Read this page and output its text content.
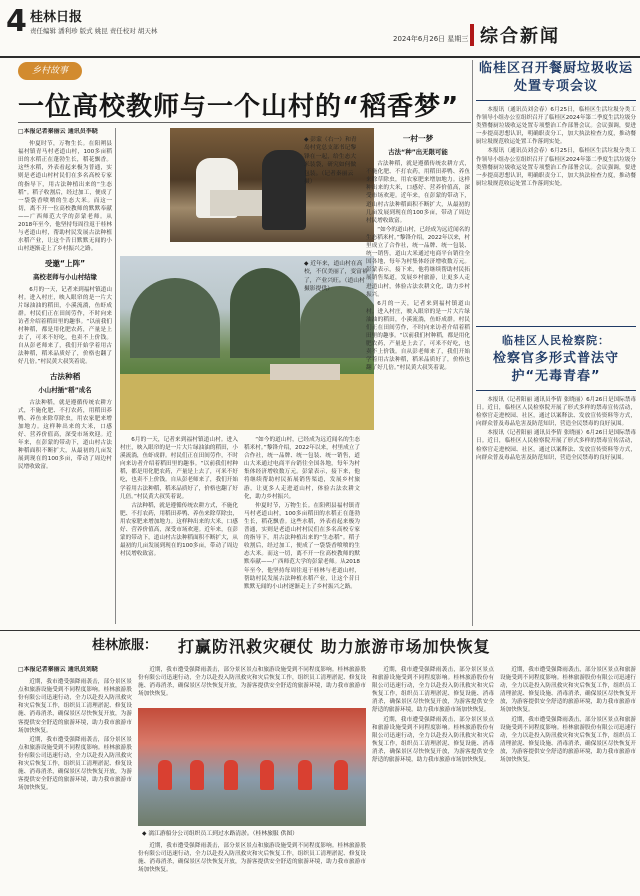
4 桂林日报
责任编辑 潘利珍 版式 姚昆 责任校对 胡天林
2024年6月26日 星期三 综合新闻
乡村故事
一位高校教师与一个山村的“稻香梦”
□本报记者秦丽云 通讯员李晓

仲夏时节，万物生长。在阳朔县福村镇青马村老道山村，100多亩稻田的水稻正在蓬勃生长，稻花飘香。这些水稻，外表看起来极为普通，实则是老道山村村民们在多名高校专家的指导下，用古法种植出来的“生态稻”。稻子收割后，经过加工，便成了一袋袋香喷喷的生态大米。而这一切，离不开一位高校教师的默默奉献——广西师范大学的彭蒙老师。从2018年至今，他坚持每周往返于桂林与老道山村，帮助村民发展古法种植水稻产业，让这个昔日默默无闻的小山村逐渐走上了乡村振兴之路。

受邀“上阵”
高校老师与小山村结缘

6月的一天，记者来到福村镇道山村。进入村庄，映入眼帘的是一片大片绿油油的稻田，小溪流淌，鱼虾成群。村民们正在田间劳作，不时向来访者介绍着稻田里的趣事。“以前我们村种稻，都是用化肥农药，产量是上去了，可米不好吃，也卖不上价钱。自从彭老师来了，我们开始学着用古法种稻，稻米品质好了，价格也翻了好几倍。”村民黄大叔笑着说。

古法种稻
小山村插“稻”成名

古法种稻，就是遵循传统农耕方式，不施化肥、不打农药，用稻田养鸭、养鱼来除草除虫，用农家肥来增加地力。这样种出来的大米，口感好、营养价值高，深受市场欢迎。近年来，在彭蒙的带动下，道山村古法种稻面积不断扩大，从最初的几亩发展到现在的100多亩，带动了周边村民增收致富。

◆ 彭蒙（右一）和青岛村党总支部书记黎锋在一起，给生态大米装袋，研究如何做包装。（记者秦丽云 摄）
◆ 近年来，道山村在高校，不仅美丽了，变富裕了，产业兴旺。（道山村 摄影提供）

6月的一天，记者来到福村镇道山村。进入村庄，映入眼帘的是一片大片绿油油的稻田，小溪流淌，鱼虾成群。村民们正在田间劳作，不时向来访者介绍着稻田里的趣事。“以前我们村种稻，都是用化肥农药，产量是上去了，可米不好吃，也卖不上价钱。自从彭老师来了，我们开始学着用古法种稻，稻米品质好了，价格也翻了好几倍。”村民黄大叔笑着说。

古法种稻，就是遵循传统农耕方式，不施化肥、不打农药，用稻田养鸭、养鱼来除草除虫，用农家肥来增加地力。这样种出来的大米，口感好、营养价值高，深受市场欢迎。近年来，在彭蒙的带动下，道山村古法种稻面积不断扩大，从最初的几亩发展到现在的100多亩，带动了周边村民增收致富。

“如今的道山村，已经成为远近闻名的生态稻米村。”黎锋介绍，2022年以来，村里成立了合作社，统一品牌、统一包装、统一销售，道山大米通过电商平台销往全国各地，每年为村集体经济增收数万元。彭蒙表示，接下来，他将继续帮助村民拓展销售渠道，发展乡村旅游，让更多人走进道山村，体验古法农耕文化，助力乡村振兴。

仲夏时节，万物生长。在阳朔县福村镇青马村老道山村，100多亩稻田的水稻正在蓬勃生长，稻花飘香。这些水稻，外表看起来极为普通，实则是老道山村村民们在多名高校专家的指导下，用古法种植出来的“生态稻”。稻子收割后，经过加工，便成了一袋袋香喷喷的生态大米。而这一切，离不开一位高校教师的默默奉献——广西师范大学的彭蒙老师。从2018年至今，他坚持每周往返于桂林与老道山村，帮助村民发展古法种植水稻产业，让这个昔日默默无闻的小山村逐渐走上了乡村振兴之路。

一村一梦
古法“种”出无限可能

古法种稻，就是遵循传统农耕方式，不施化肥、不打农药，用稻田养鸭、养鱼来除草除虫，用农家肥来增加地力。这样种出来的大米，口感好、营养价值高，深受市场欢迎。近年来，在彭蒙的带动下，道山村古法种稻面积不断扩大，从最初的几亩发展到现在的100多亩，带动了周边村民增收致富。

“如今的道山村，已经成为远近闻名的生态稻米村。”黎锋介绍，2022年以来，村里成立了合作社，统一品牌、统一包装、统一销售，道山大米通过电商平台销往全国各地，每年为村集体经济增收数万元。彭蒙表示，接下来，他将继续帮助村民拓展销售渠道，发展乡村旅游，让更多人走进道山村，体验古法农耕文化，助力乡村振兴。

6月的一天，记者来到福村镇道山村。进入村庄，映入眼帘的是一片大片绿油油的稻田，小溪流淌，鱼虾成群。村民们正在田间劳作，不时向来访者介绍着稻田里的趣事。“以前我们村种稻，都是用化肥农药，产量是上去了，可米不好吃，也卖不上价钱。自从彭老师来了，我们开始学着用古法种稻，稻米品质好了，价格也翻了好几倍。”村民黄大叔笑着说。

临桂区召开餐厨垃圾收运处置专项会议

本报讯（通讯员刘会春）6月25日，临桂区生活垃圾分类工作领导小组办公室组织召开了临桂区2024年第二季度生活垃圾分类暨餐厨垃圾收运处置专项整治工作部署会议。会议强调，要进一步提高思想认识，明确职责分工，加大执法检查力度，推动餐厨垃圾规范收运处置工作落到实处。

本报讯（通讯员刘会春）6月25日，临桂区生活垃圾分类工作领导小组办公室组织召开了临桂区2024年第二季度生活垃圾分类暨餐厨垃圾收运处置专项整治工作部署会议。会议强调，要进一步提高思想认识，明确职责分工，加大执法检查力度，推动餐厨垃圾规范收运处置工作落到实处。

临桂区人民检察院：
检察官多形式普法守护“无毒青春”

本报讯（记者阳丽 通讯员李倩 张晓丽）6月26日是国际禁毒日。近日，临桂区人民检察院开展了形式多样的禁毒宣传活动，检察官走进校园、社区，通过以案释法、发放宣传资料等方式，向群众普及毒品危害及防范知识，营造全民禁毒的良好氛围。

本报讯（记者阳丽 通讯员李倩 张晓丽）6月26日是国际禁毒日。近日，临桂区人民检察院开展了形式多样的禁毒宣传活动，检察官走进校园、社区，通过以案释法、发放宣传资料等方式，向群众普及毒品危害及防范知识，营造全民禁毒的良好氛围。

桂林旅服： 打赢防汛救灾硬仗 助力旅游市场加快恢复
□本报记者秦丽云 通讯员刘晓

近期，我市遭受强降雨袭击，部分景区景点和旅游设施受到不同程度影响。桂林旅游股份有限公司迅速行动，全力以赴投入防汛救灾和灾后恢复工作，组织员工清理淤泥、修复设施、消毒消杀，确保景区尽快恢复开放，为游客提供安全舒适的旅游环境，助力我市旅游市场加快恢复。

近期，我市遭受强降雨袭击，部分景区景点和旅游设施受到不同程度影响。桂林旅游股份有限公司迅速行动，全力以赴投入防汛救灾和灾后恢复工作，组织员工清理淤泥、修复设施、消毒消杀，确保景区尽快恢复开放，为游客提供安全舒适的旅游环境，助力我市旅游市场加快恢复。

近期，我市遭受强降雨袭击，部分景区景点和旅游设施受到不同程度影响。桂林旅游股份有限公司迅速行动，全力以赴投入防汛救灾和灾后恢复工作，组织员工清理淤泥、修复设施、消毒消杀，确保景区尽快恢复开放，为游客提供安全舒适的旅游环境，助力我市旅游市场加快恢复。

◆ 漓江游船分公司组织员工到过水路清淤。（桂林旅服 供图）

近期，我市遭受强降雨袭击，部分景区景点和旅游设施受到不同程度影响。桂林旅游股份有限公司迅速行动，全力以赴投入防汛救灾和灾后恢复工作，组织员工清理淤泥、修复设施、消毒消杀，确保景区尽快恢复开放，为游客提供安全舒适的旅游环境，助力我市旅游市场加快恢复。

近期，我市遭受强降雨袭击，部分景区景点和旅游设施受到不同程度影响。桂林旅游股份有限公司迅速行动，全力以赴投入防汛救灾和灾后恢复工作，组织员工清理淤泥、修复设施、消毒消杀，确保景区尽快恢复开放，为游客提供安全舒适的旅游环境，助力我市旅游市场加快恢复。

近期，我市遭受强降雨袭击，部分景区景点和旅游设施受到不同程度影响。桂林旅游股份有限公司迅速行动，全力以赴投入防汛救灾和灾后恢复工作，组织员工清理淤泥、修复设施、消毒消杀，确保景区尽快恢复开放，为游客提供安全舒适的旅游环境，助力我市旅游市场加快恢复。

近期，我市遭受强降雨袭击，部分景区景点和旅游设施受到不同程度影响。桂林旅游股份有限公司迅速行动，全力以赴投入防汛救灾和灾后恢复工作，组织员工清理淤泥、修复设施、消毒消杀，确保景区尽快恢复开放，为游客提供安全舒适的旅游环境，助力我市旅游市场加快恢复。

近期，我市遭受强降雨袭击，部分景区景点和旅游设施受到不同程度影响。桂林旅游股份有限公司迅速行动，全力以赴投入防汛救灾和灾后恢复工作，组织员工清理淤泥、修复设施、消毒消杀，确保景区尽快恢复开放，为游客提供安全舒适的旅游环境，助力我市旅游市场加快恢复。
